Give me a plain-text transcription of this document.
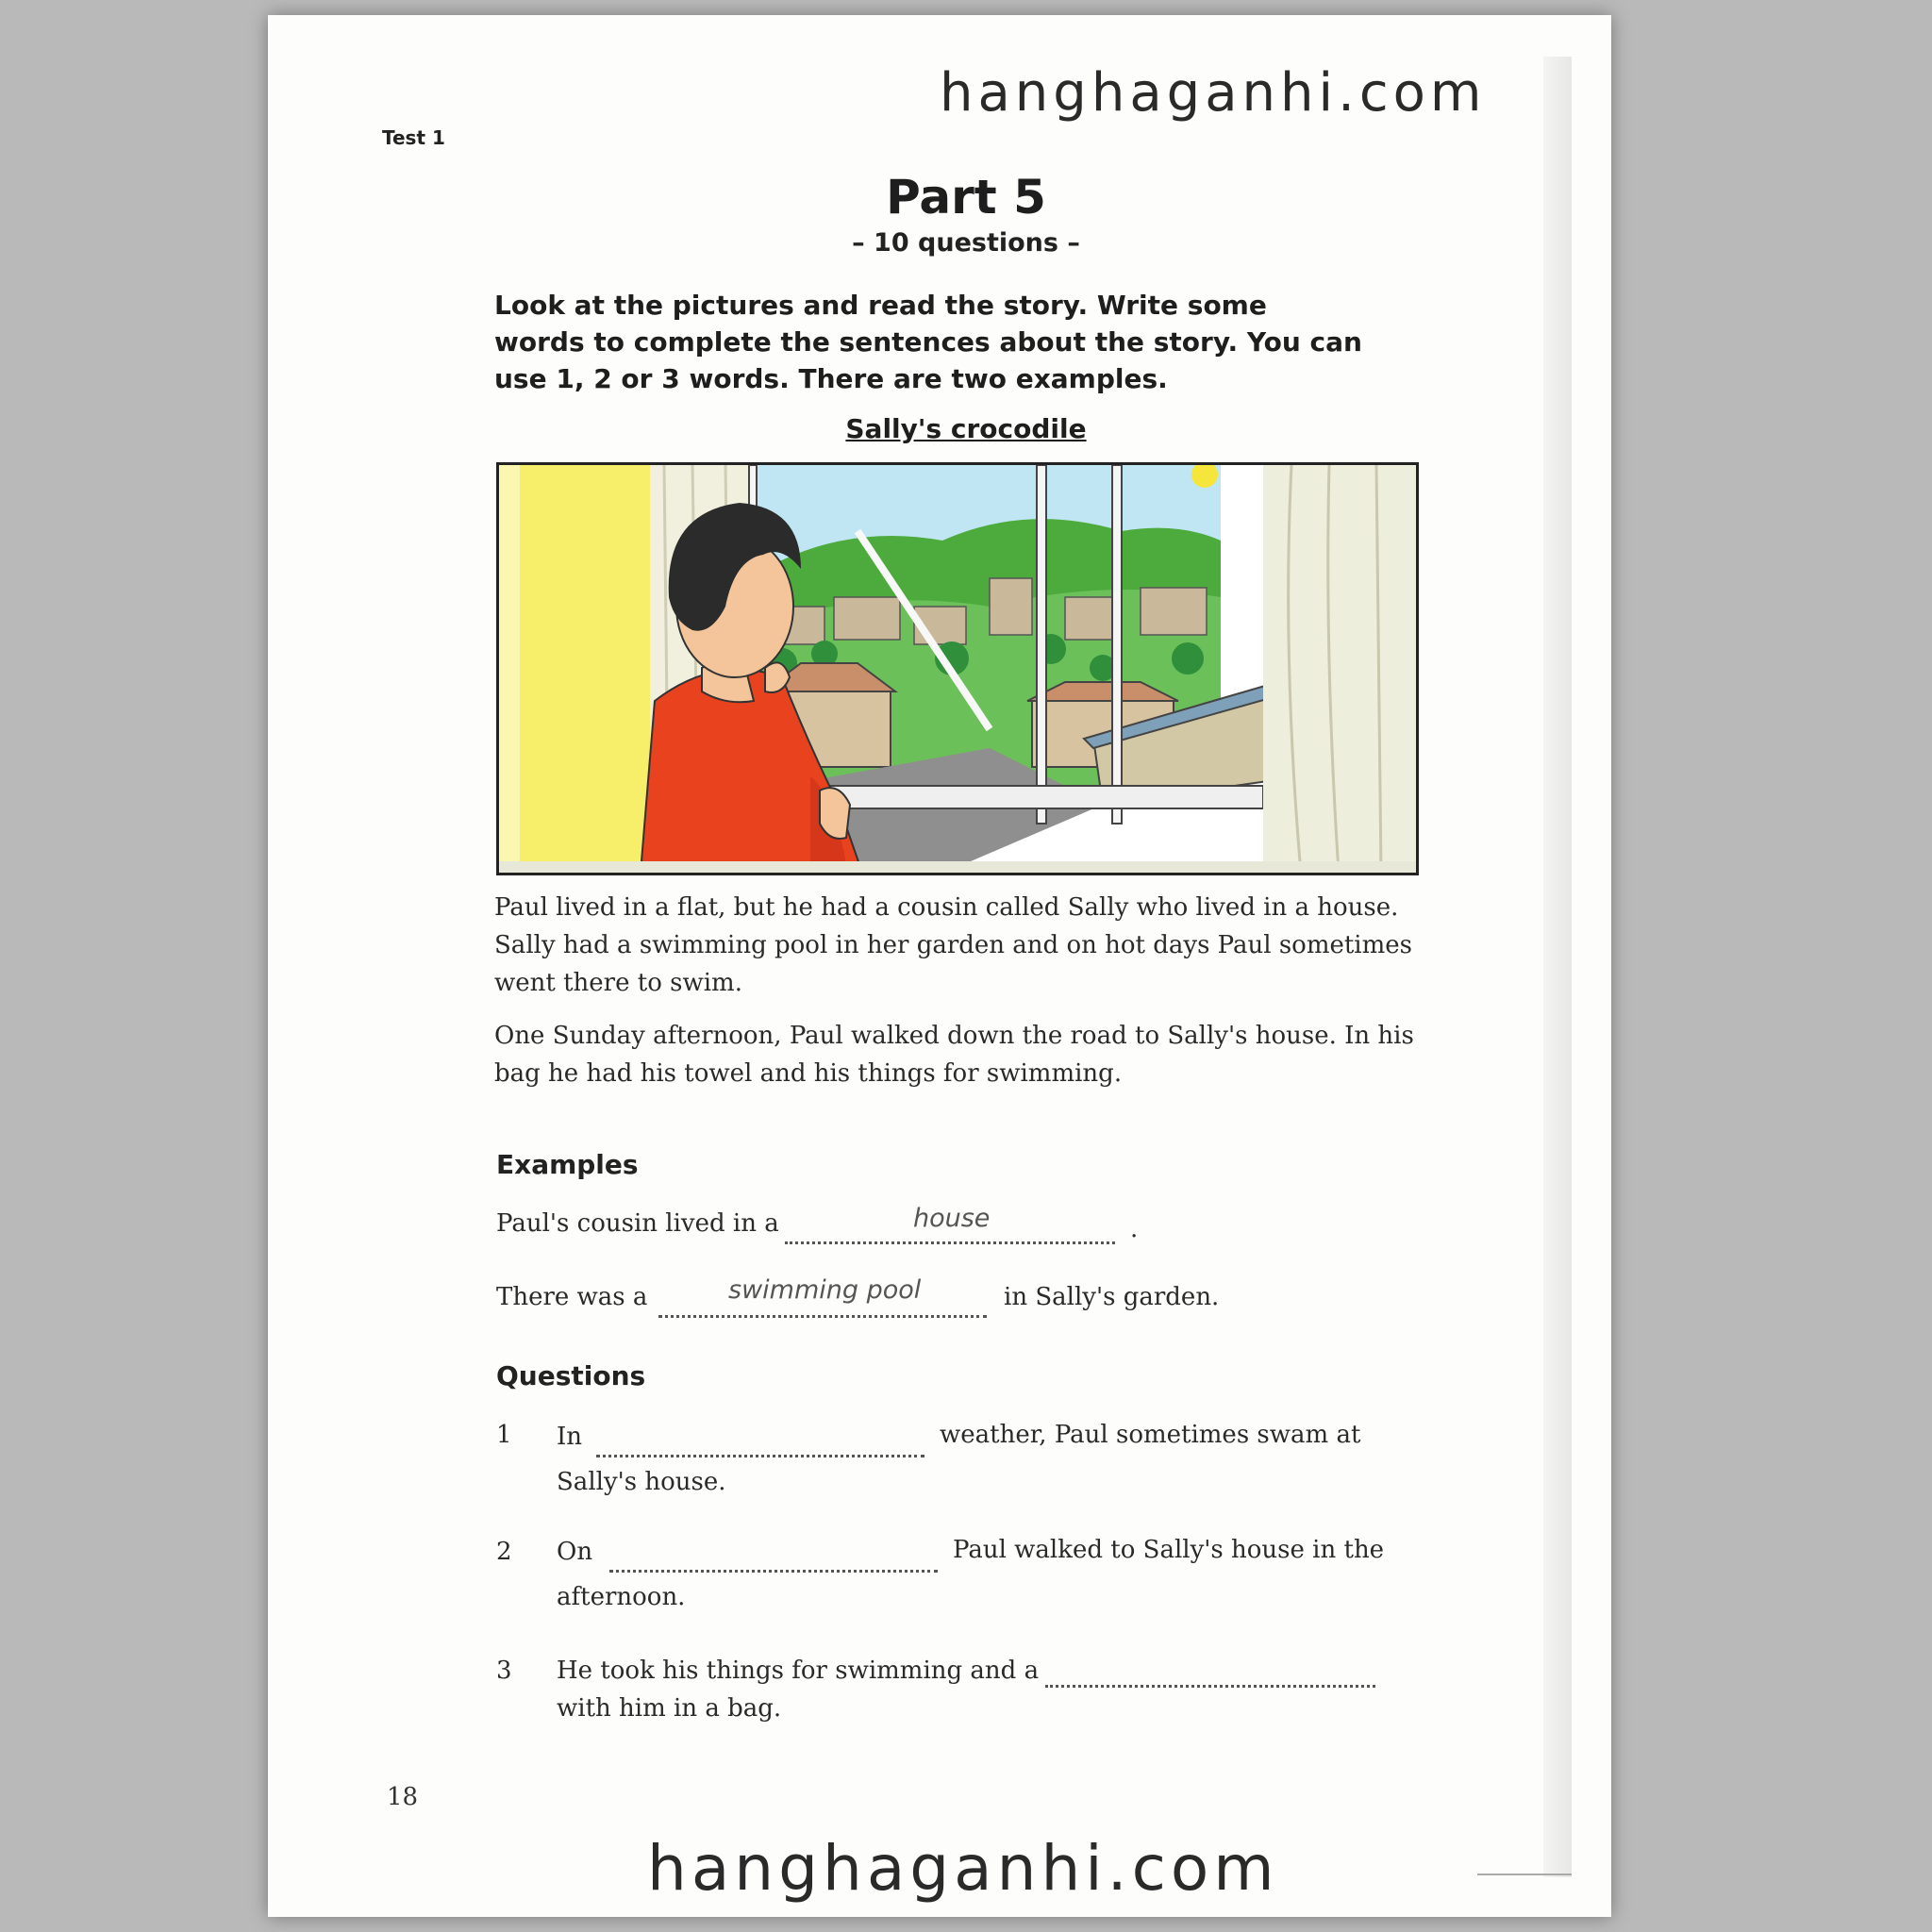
hanghaganhi.com
Test 1
Part 5
– 10 questions –
Look at the pictures and read the story. Write some words to complete the sentences about the story. You can use 1, 2 or 3 words. There are two examples.
Sally's crocodile
Paul lived in a flat, but he had a cousin called Sally who lived in a house. Sally had a swimming pool in her garden and on hot days Paul sometimes went there to swim.
One Sunday afternoon, Paul walked down the road to Sally's house. In his bag he had his towel and his things for swimming.
Examples
Paul's cousin lived in a	house	.
There was a	swimming pool	in Sally's garden.
Questions
1 In	weather, Paul sometimes swam at
Sally's house.
2 On	Paul walked to Sally's house in the
afternoon.
3 He took his things for swimming and a
with him in a bag.
18
hanghaganhi.com
